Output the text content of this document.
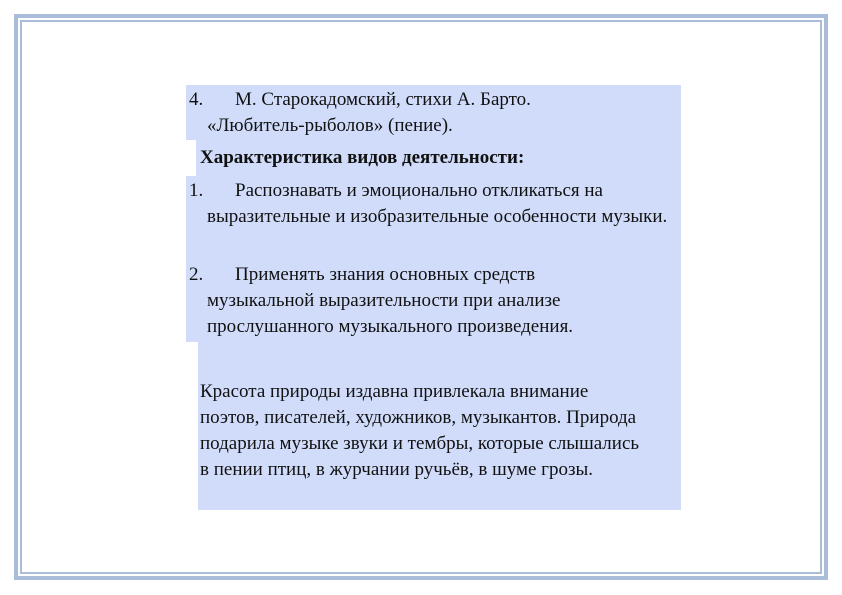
4.	М. Старокадомский, стихи А. Барто. «Любитель-рыболов» (пение).
Характеристика видов деятельности:
1.	Распознавать и эмоционально откликаться на выразительные и изобразительные особенности музыки.
2.	Применять знания основных средств музыкальной выразительности при анализе прослушанного музыкального произведения.
Красота природы издавна привлекала внимание поэтов, писателей, художников, музыкантов. Природа подарила музыке звуки и тембры, которые слышались в пении птиц, в журчании ручьёв, в шуме грозы.
